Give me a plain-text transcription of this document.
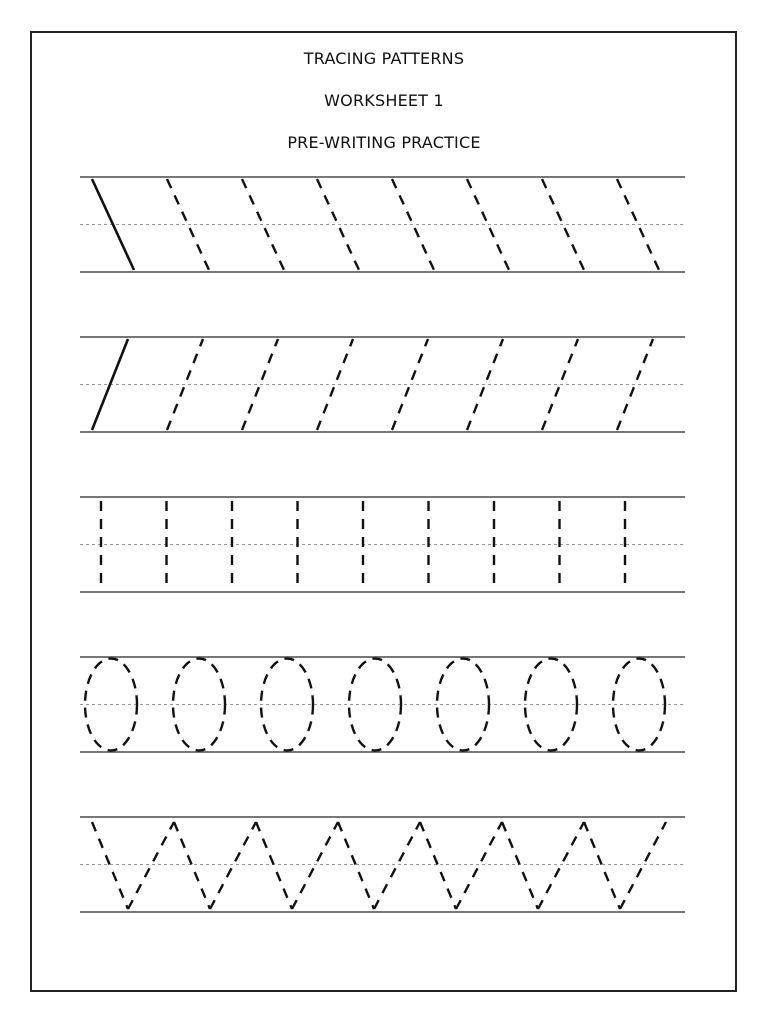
TRACING PATTERNS
WORKSHEET 1
PRE-WRITING PRACTICE
